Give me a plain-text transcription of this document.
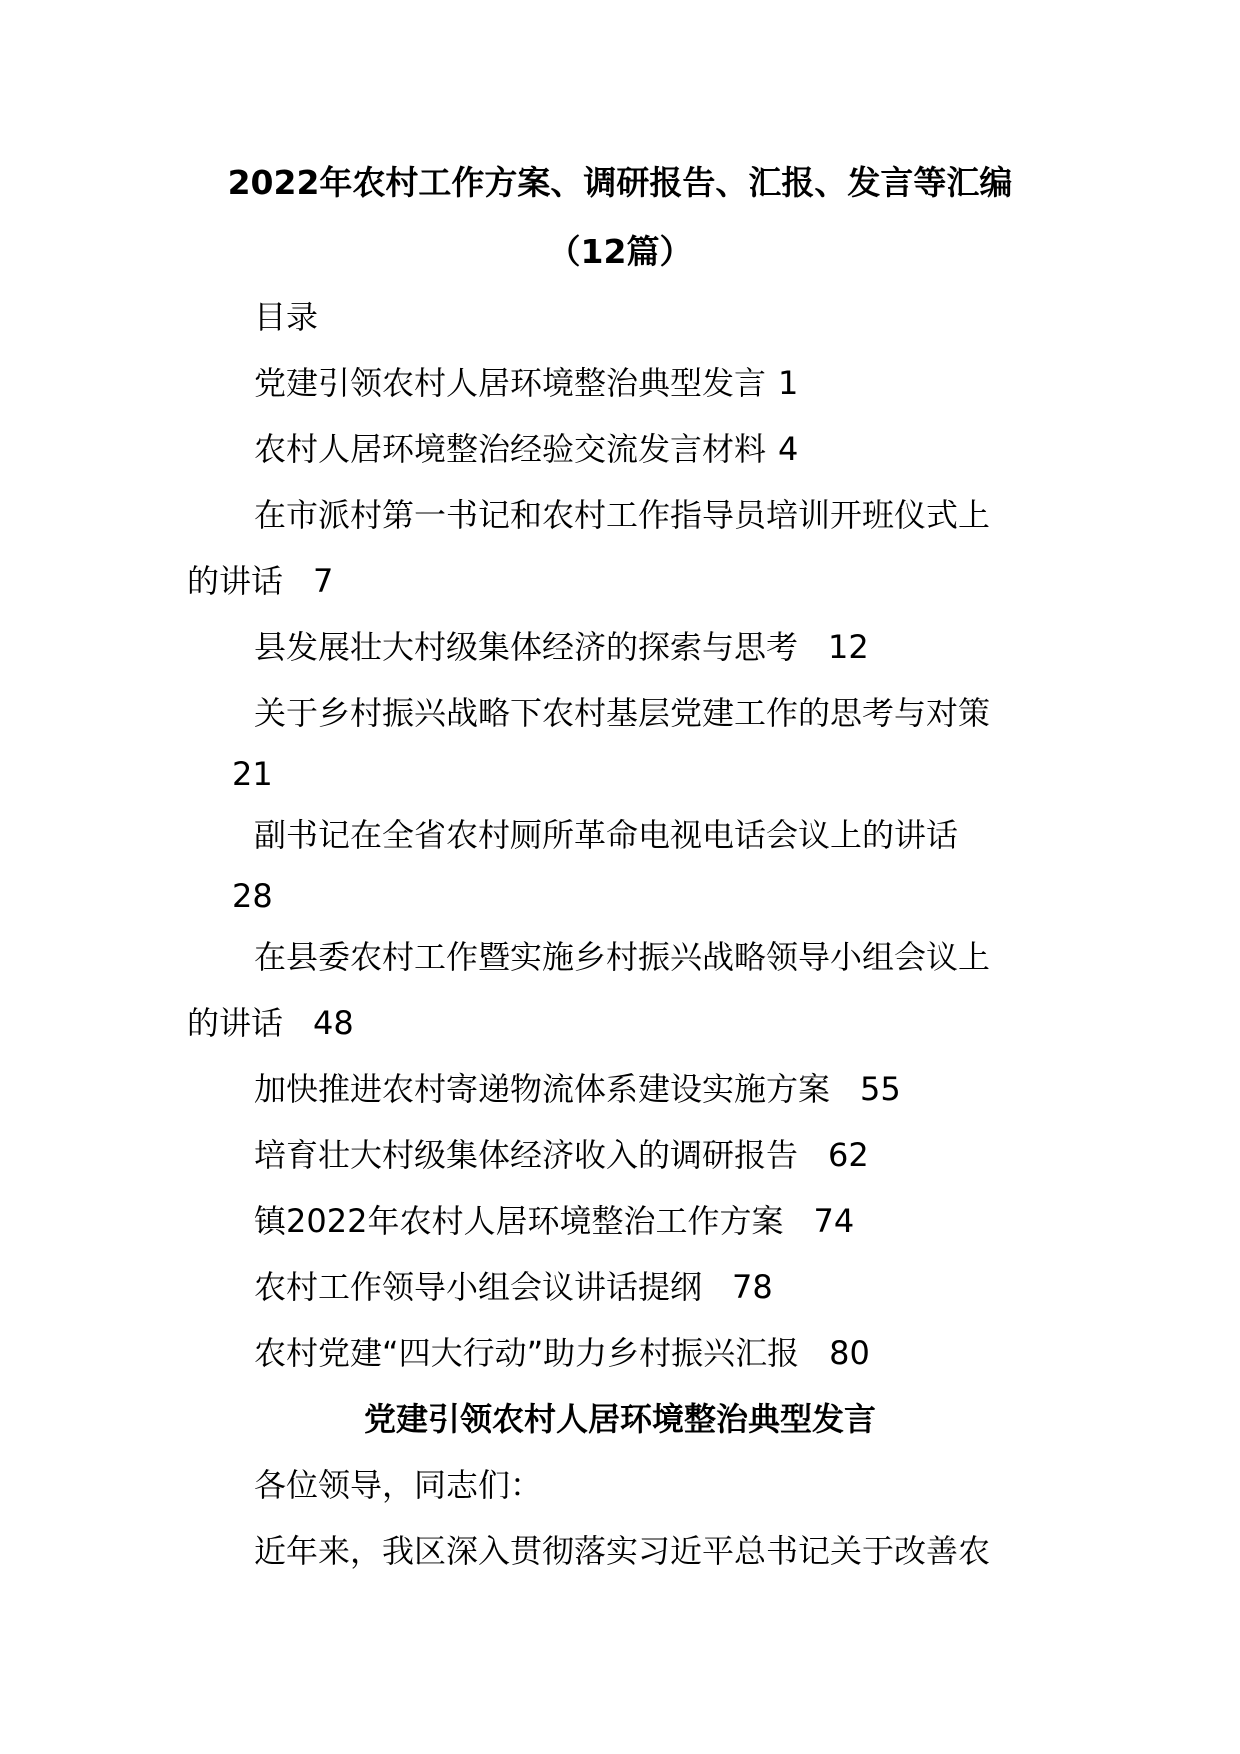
2022年农村工作方案、调研报告、汇报、发言等汇编
（12篇）
目录
党建引领农村人居环境整治典型发言 1
农村人居环境整治经验交流发言材料 4
在市派村第一书记和农村工作指导员培训开班仪式上
的讲话 7
县发展壮大村级集体经济的探索与思考 12
关于乡村振兴战略下农村基层党建工作的思考与对策
21
副书记在全省农村厕所革命电视电话会议上的讲话
28
在县委农村工作暨实施乡村振兴战略领导小组会议上
的讲话 48
加快推进农村寄递物流体系建设实施方案 55
培育壮大村级集体经济收入的调研报告 62
镇2022年农村人居环境整治工作方案 74
农村工作领导小组会议讲话提纲 78
农村党建“四大行动”助力乡村振兴汇报 80
党建引领农村人居环境整治典型发言
各位领导，同志们：
近年来，我区深入贯彻落实习近平总书记关于改善农
